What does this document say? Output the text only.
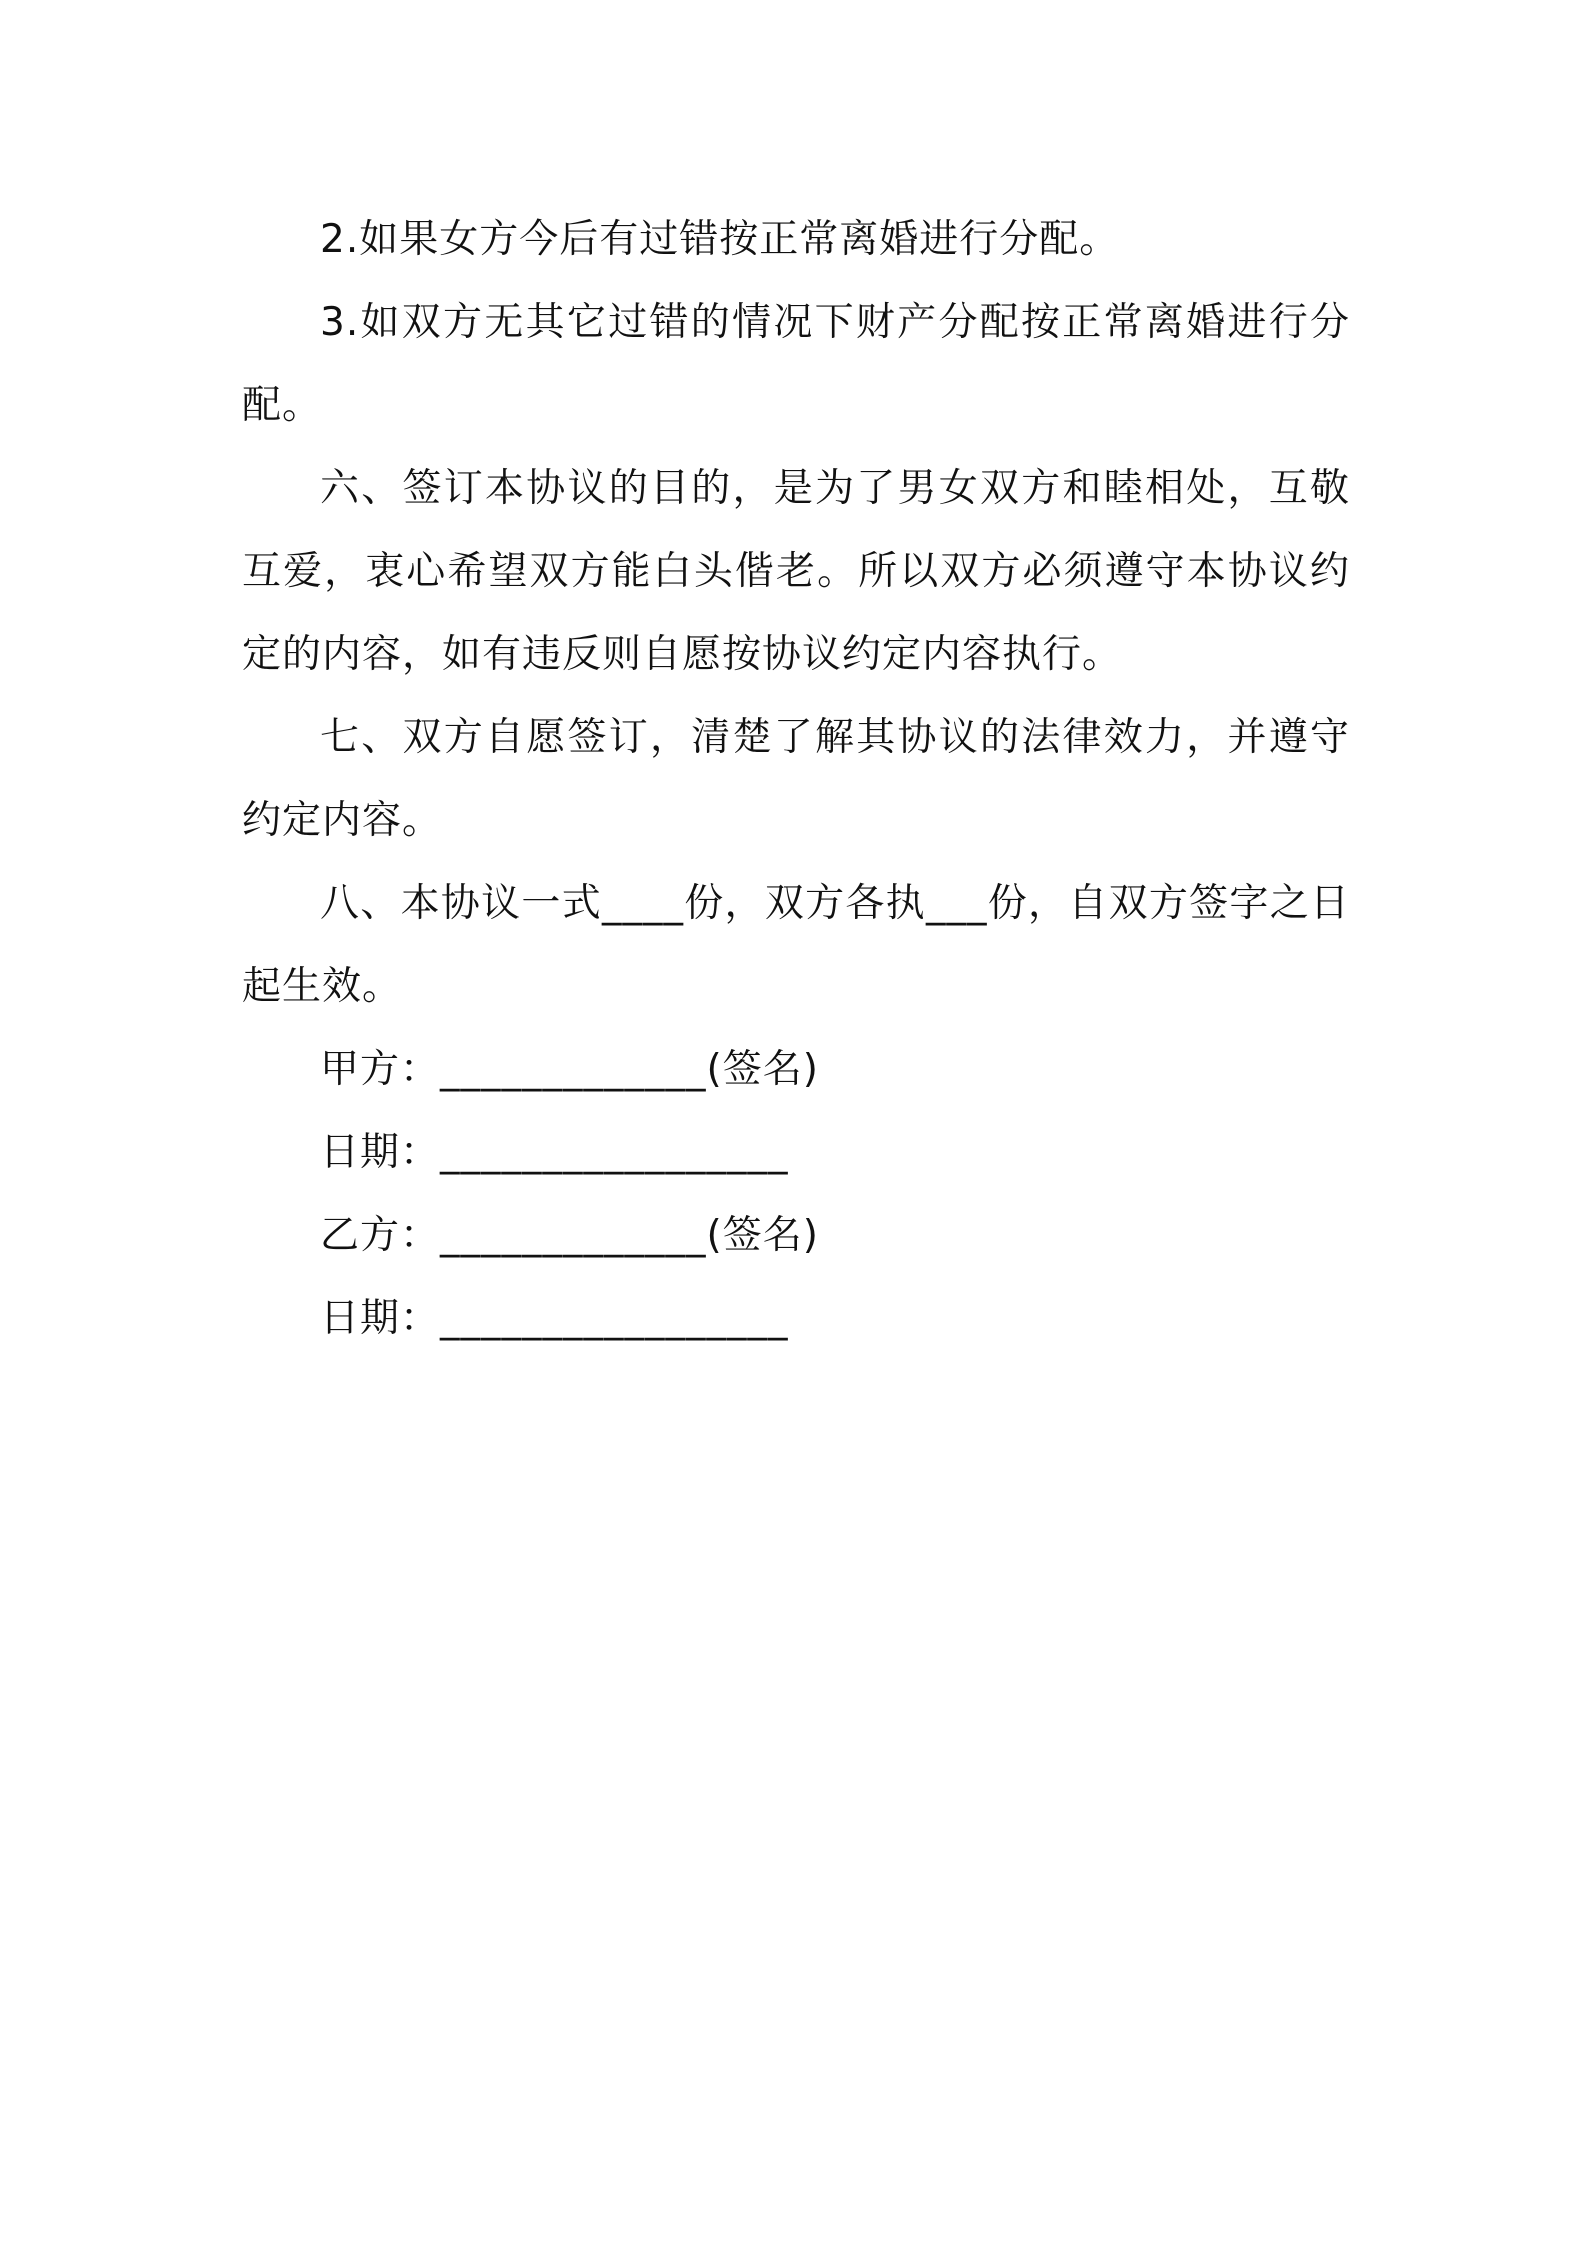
2.如果女方今后有过错按正常离婚进行分配。

3.如双方无其它过错的情况下财产分配按正常离婚进行分配。

六、签订本协议的目的，是为了男女双方和睦相处，互敬互爱，衷心希望双方能白头偕老。所以双方必须遵守本协议约定的内容，如有违反则自愿按协议约定内容执行。

七、双方自愿签订，清楚了解其协议的法律效力，并遵守约定内容。

八、本协议一式____份，双方各执___份，自双方签字之日起生效。

甲方：_____________(签名)

日期：_________________

乙方：_____________(签名)

日期：_________________
